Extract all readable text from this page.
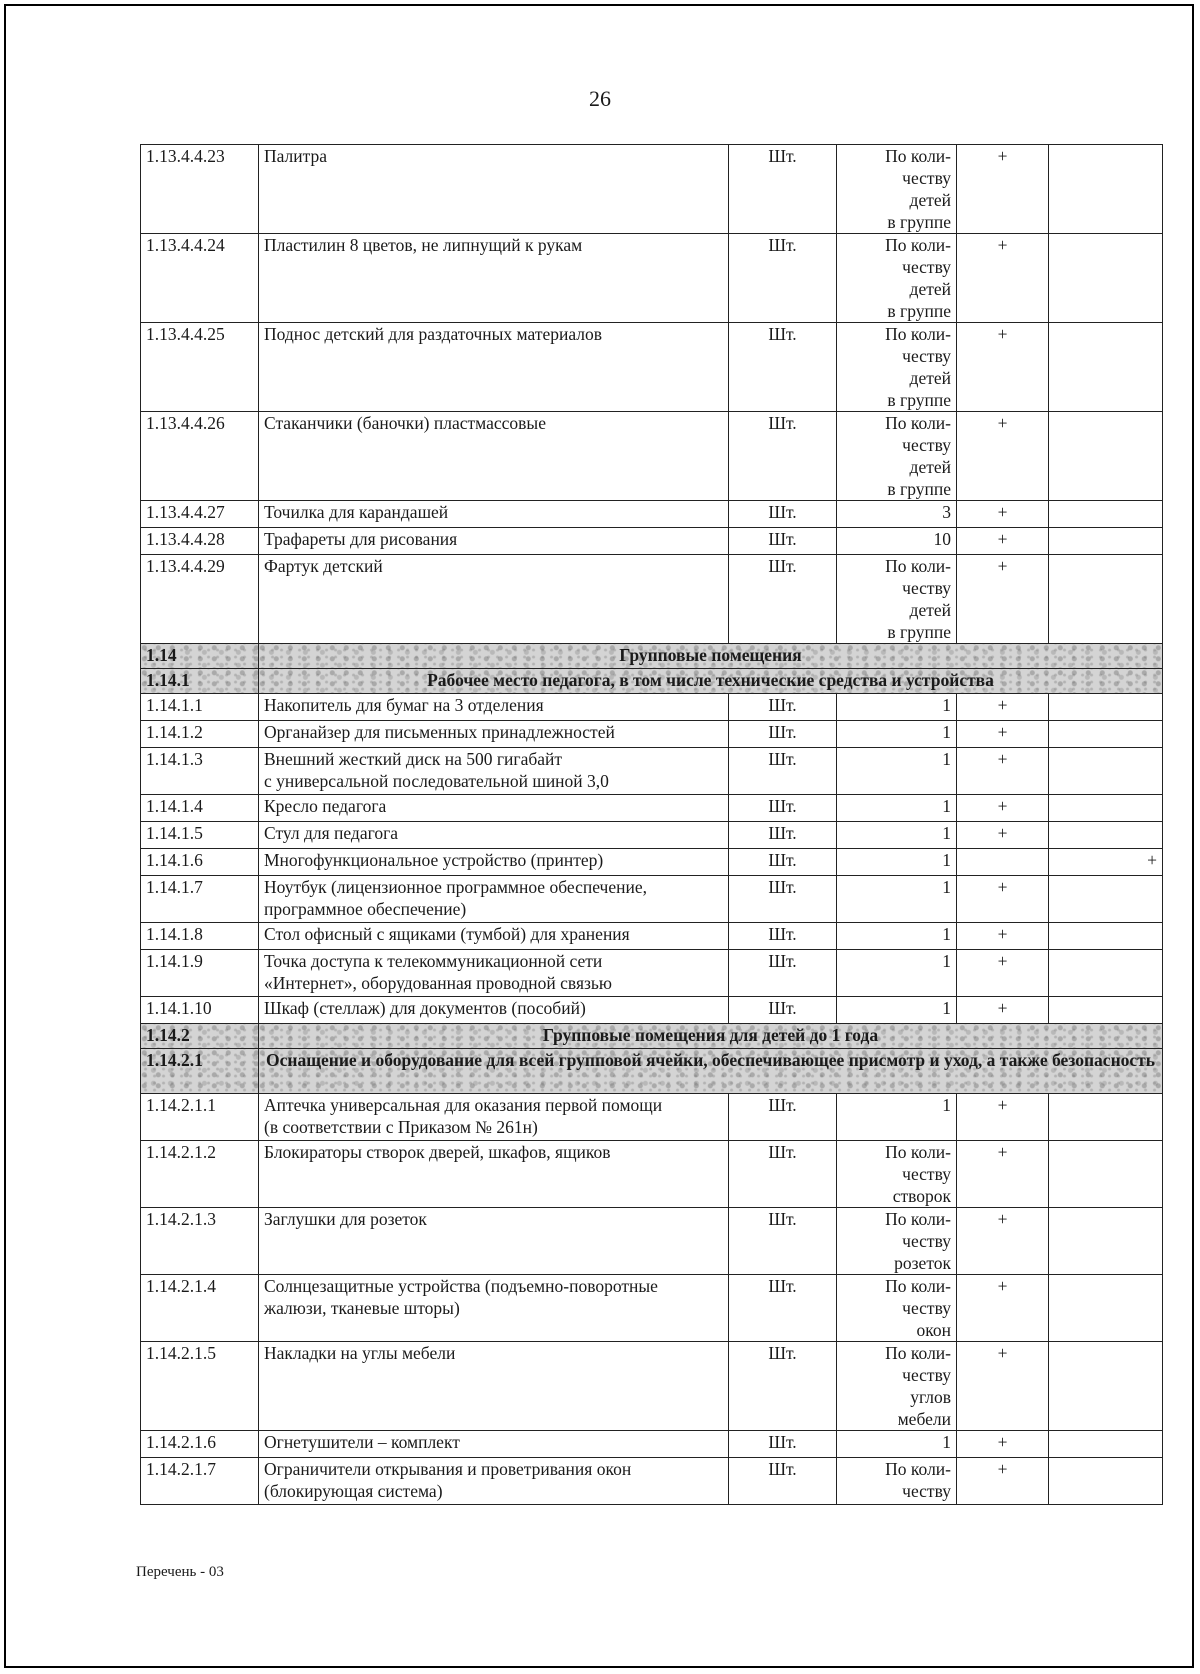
26
1.13.4.4.23	Палитра	Шт.	По коли-
честву
детей
в группе	+	
1.13.4.4.24	Пластилин 8 цветов, не липнущий к рукам	Шт.	По коли-
честву
детей
в группе	+	
1.13.4.4.25	Поднос детский для раздаточных материалов	Шт.	По коли-
честву
детей
в группе	+	
1.13.4.4.26	Стаканчики (баночки) пластмассовые	Шт.	По коли-
честву
детей
в группе	+	
1.13.4.4.27	Точилка для карандашей	Шт.	3	+	
1.13.4.4.28	Трафареты для рисования	Шт.	10	+	
1.13.4.4.29	Фартук детский	Шт.	По коли-
честву
детей
в группе	+	
1.14	Групповые помещения				
1.14.1	Рабочее место педагога, в том числе технические средства и устройства				
1.14.1.1	Накопитель для бумаг на 3 отделения	Шт.	1	+	
1.14.1.2	Органайзер для письменных принадлежностей	Шт.	1	+	
1.14.1.3	Внешний жесткий диск на 500 гигабайт
с универсальной последовательной шиной 3,0	Шт.	1	+	
1.14.1.4	Кресло педагога	Шт.	1	+	
1.14.1.5	Стул для педагога	Шт.	1	+	
1.14.1.6	Многофункциональное устройство (принтер)	Шт.	1		+
1.14.1.7	Ноутбук (лицензионное программное обеспечение,
программное обеспечение)	Шт.	1	+	
1.14.1.8	Стол офисный с ящиками (тумбой) для хранения	Шт.	1	+	
1.14.1.9	Точка доступа к телекоммуникационной сети
«Интернет», оборудованная проводной связью	Шт.	1	+	
1.14.1.10	Шкаф (стеллаж) для документов (пособий)	Шт.	1	+	
1.14.2	Групповые помещения для детей до 1 года				
1.14.2.1	Оснащение и оборудование для всей групповой ячейки, обеспечивающее присмотр и уход, а также безопасность				
1.14.2.1.1	Аптечка универсальная для оказания первой помощи
(в соответствии с Приказом № 261н)	Шт.	1	+	
1.14.2.1.2	Блокираторы створок дверей, шкафов, ящиков	Шт.	По коли-
честву
створок	+	
1.14.2.1.3	Заглушки для розеток	Шт.	По коли-
честву
розеток	+	
1.14.2.1.4	Солнцезащитные устройства (подъемно-поворотные
жалюзи, тканевые шторы)	Шт.	По коли-
честву
окон	+	
1.14.2.1.5	Накладки на углы мебели	Шт.	По коли-
честву
углов
мебели	+	
1.14.2.1.6	Огнетушители – комплект	Шт.	1	+	
1.14.2.1.7	Ограничители открывания и проветривания окон
(блокирующая система)	Шт.	По коли-
честву	+	
Перечень - 03
